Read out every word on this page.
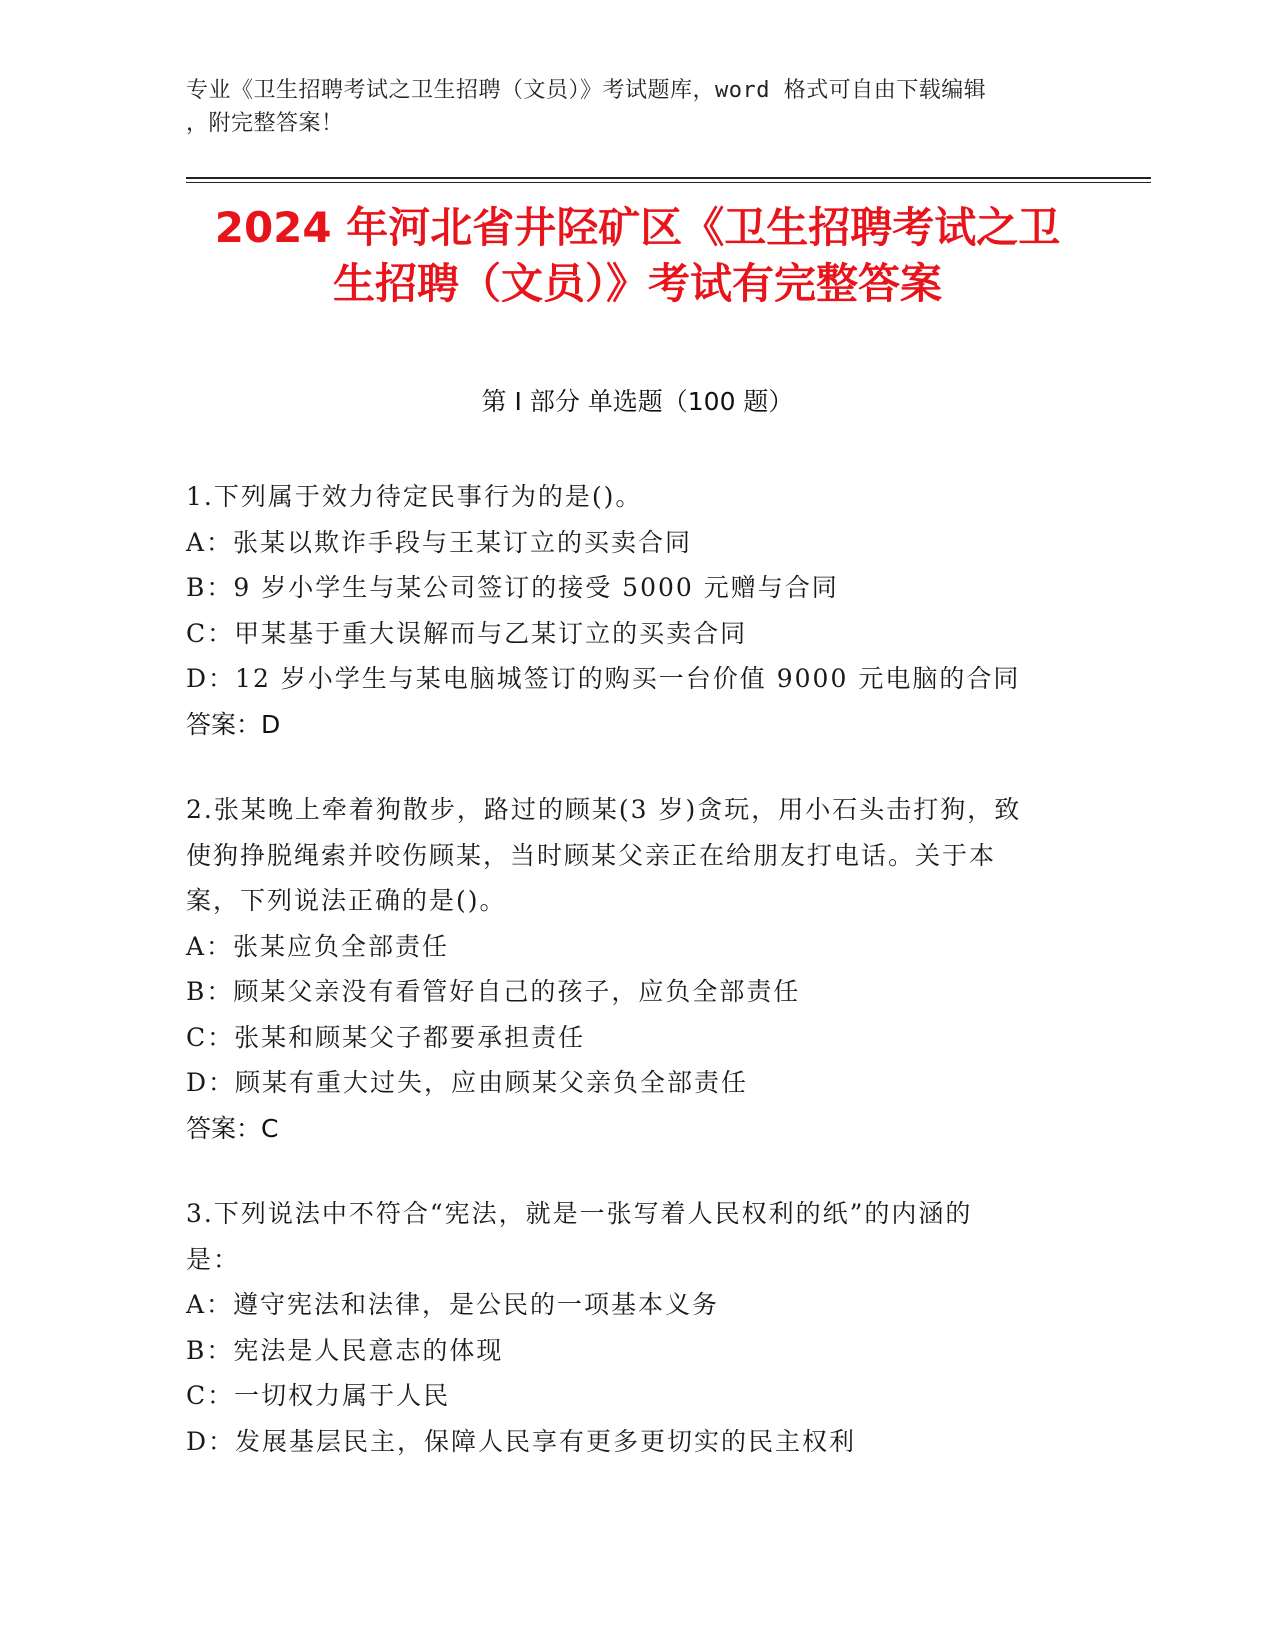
专业《卫生招聘考试之卫生招聘（文员）》考试题库，word 格式可自由下载编辑
，附完整答案！
2024 年河北省井陉矿区《卫生招聘考试之卫
生招聘（文员）》考试有完整答案
第 I 部分 单选题（100 题）
1.下列属于效力待定民事行为的是()。
A：张某以欺诈手段与王某订立的买卖合同
B：9 岁小学生与某公司签订的接受 5000 元赠与合同
C：甲某基于重大误解而与乙某订立的买卖合同
D：12 岁小学生与某电脑城签订的购买一台价值 9000 元电脑的合同
答案：D
2.张某晚上牵着狗散步，路过的顾某(3 岁)贪玩，用小石头击打狗，致
使狗挣脱绳索并咬伤顾某，当时顾某父亲正在给朋友打电话。关于本
案，下列说法正确的是()。
A：张某应负全部责任
B：顾某父亲没有看管好自己的孩子，应负全部责任
C：张某和顾某父子都要承担责任
D：顾某有重大过失，应由顾某父亲负全部责任
答案：C
3.下列说法中不符合“宪法，就是一张写着人民权利的纸”的内涵的
是：
A：遵守宪法和法律，是公民的一项基本义务
B：宪法是人民意志的体现
C：一切权力属于人民
D：发展基层民主，保障人民享有更多更切实的民主权利
